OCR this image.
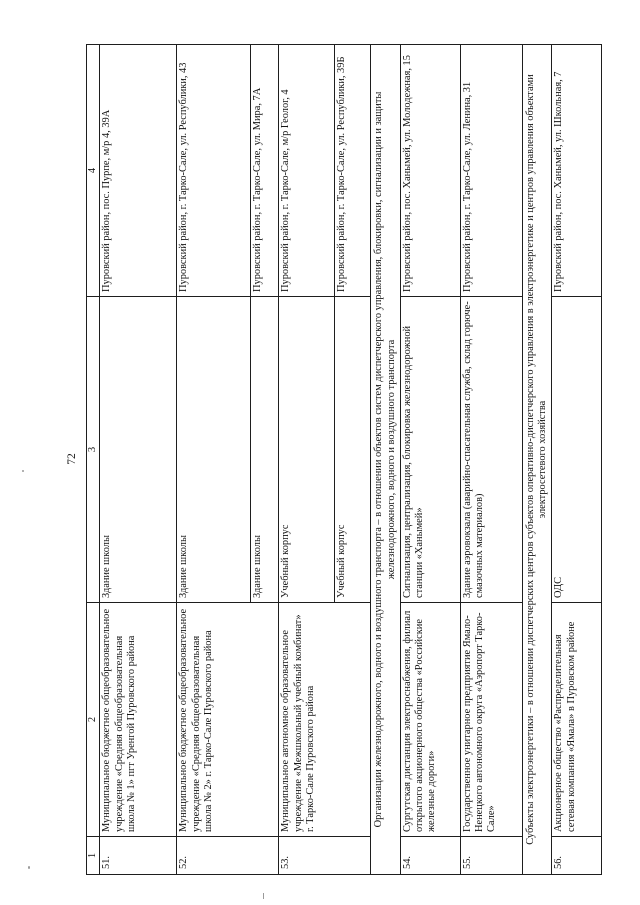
72
1	2	3	4
51.	Муниципальное бюджетное общеобразовательное учреждение «Средняя общеобразовательная школа № 1» пгт Уренгой Пуровского района	Здание школы	Пуровский район, пос. Пурпе, м/р 4, 39А
52.	Муниципальное бюджетное общеобразовательное учреждение «Средняя общеобразовательная школа № 2» г. Тарко-Сале Пуровского района	Здание школы	Пуровский район, г. Тарко-Сале, ул. Республики, 43
		Здание школы	Пуровский район, г. Тарко-Сале, ул. Мира, 7А
53.	Муниципальное автономное образовательное учреждение «Межшкольный учебный комбинат» г. Тарко-Сале Пуровского района	Учебный корпус	Пуровский район, г. Тарко-Сале, м/р Геолог, 4
		Учебный корпус	Пуровский район, г. Тарко-Сале, ул. Республики, 39Б
Организации железнодорожного, водного и воздушного транспорта – в отношении объектов систем диспетчерского управления, блокировки, сигнализации и защиты железнодорожного, водного и воздушного транспорта			
54.	Сургутская дистанция электроснабжения, филиал открытого акционерного общества «Российские железные дороги»	Сигнализация, централизация, блокировка железнодорожной станции «Ханымей»	Пуровский район, пос. Ханымей, ул. Молодежная, 15
55.	Государственное унитарное предприятие Ямало-Ненецкого автономного округа «Аэропорт Тарко-Сале»	Здание аэровокзала (аварийно-спасательная служба, склад горюче-смазочных материалов)	Пуровский район, г. Тарко-Сале, ул. Ленина, 31
Субъекты электроэнергетики – в отношении диспетчерских центров субъектов оперативно-диспетчерского управления в электроэнергетике и центров управления объектами электросетевого хозяйства			
56.	Акционерное общество «Распределительная сетевая компания «Ямала» в Пуровском районе	ОДС	Пуровский район, пос. Ханымей, ул. Школьная, 7
